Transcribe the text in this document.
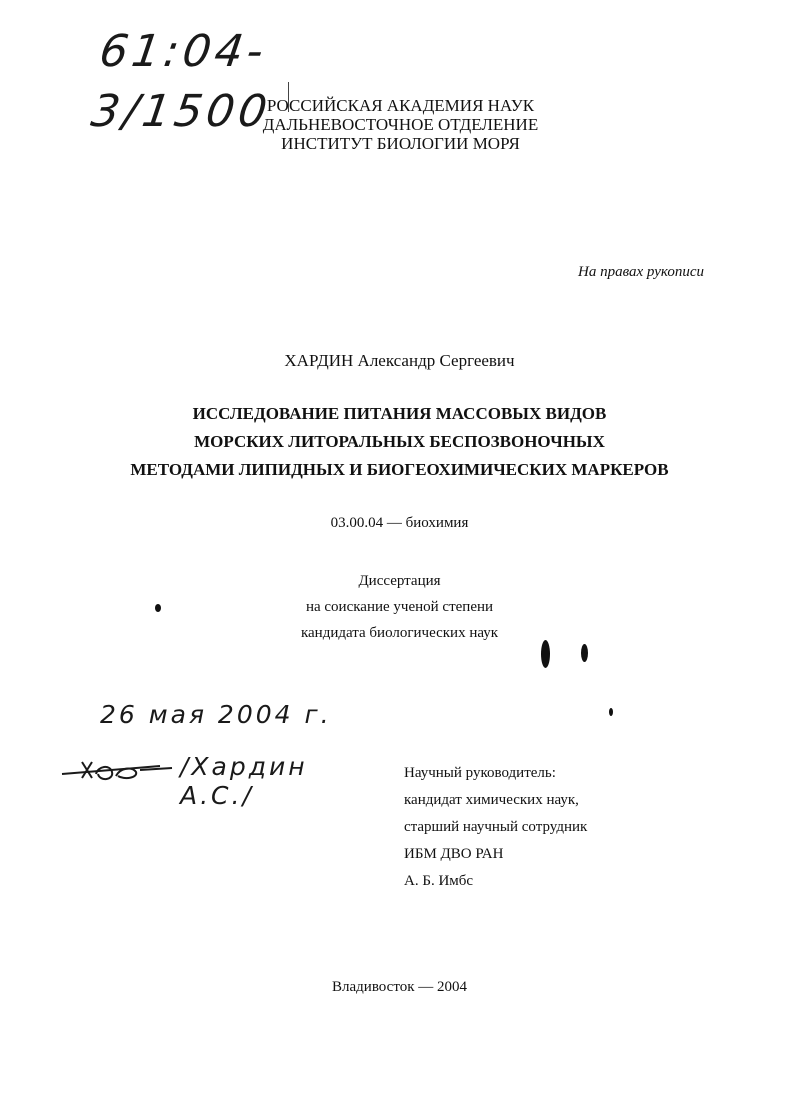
61:04-3/1500
РОССИЙСКАЯ АКАДЕМИЯ НАУК
ДАЛЬНЕВОСТОЧНОЕ ОТДЕЛЕНИЕ
ИНСТИТУТ БИОЛОГИИ МОРЯ
На правах рукописи
ХАРДИН Александр Сергеевич
ИССЛЕДОВАНИЕ ПИТАНИЯ МАССОВЫХ ВИДОВ
МОРСКИХ ЛИТОРАЛЬНЫХ БЕСПОЗВОНОЧНЫХ
МЕТОДАМИ ЛИПИДНЫХ И БИОГЕОХИМИЧЕСКИХ МАРКЕРОВ
03.00.04 — биохимия
Диссертация
на соискание ученой степени
кандидата биологических наук
26 мая 2004 г.
/Хардин А.С./
Научный руководитель:
кандидат химических наук,
старший научный сотрудник
ИБМ ДВО РАН
А. Б. Имбс
Владивосток — 2004
